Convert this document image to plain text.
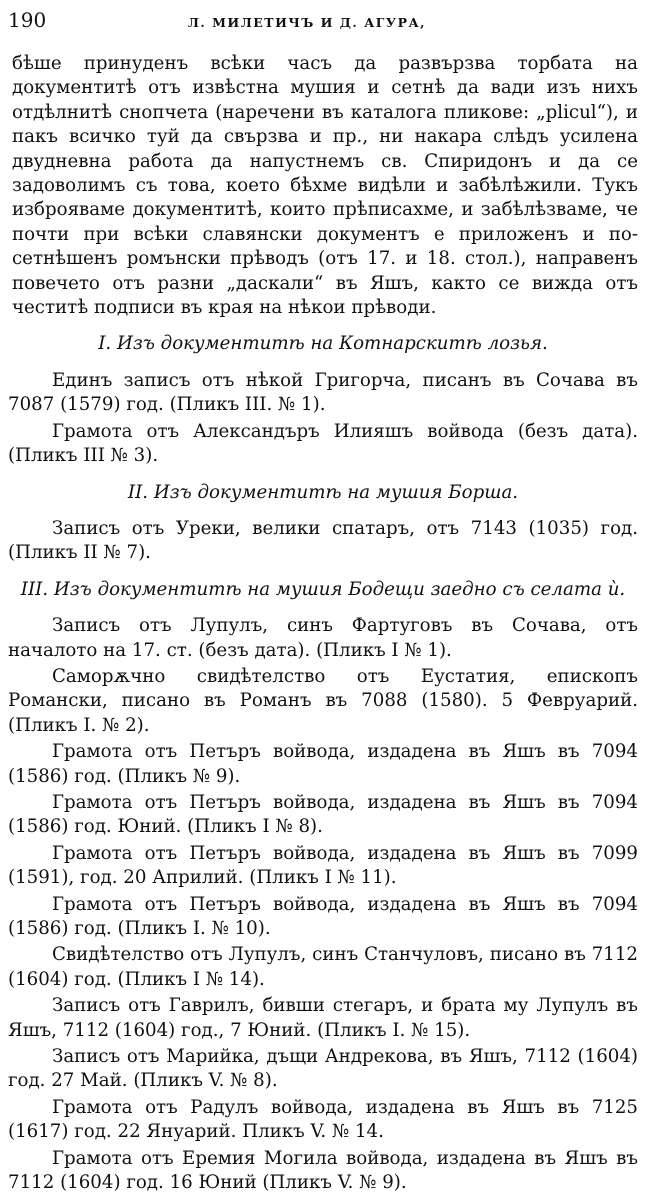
190	Л. МИЛЕТИЧЪ И Д. АГУРА,

бѣше принуденъ всѣки часъ да развързва торбата на документитѣ отъ извѣстна мушия и сетнѣ да вади изъ нихъ отдѣлнитѣ снопчета (наречени въ каталога пликове: „plicul“), и пакъ всичко туй да свързва и пр., ни накара слѣдъ усилена двудневна работа да напустнемъ св. Спиридонъ и да се задоволимъ съ това, което бѣхме видѣли и забѣлѣжили. Тукъ изброяваме документитѣ, които прѣписахме, и забѣлѣзваме, че почти при всѣки славянски документъ е приложенъ и по-сетнѣшенъ ромънски прѣводъ (отъ 17. и 18. стол.), направенъ повечето отъ разни „даскали“ въ Яшъ, както се вижда отъ честитѣ подписи въ края на нѣкои прѣводи.

I. Изъ документитѣ на Котнарскитѣ лозья.

Единъ записъ отъ нѣкой Григорча, писанъ въ Сочава въ 7087 (1579) год. (Пликъ III. № 1).

Грамота отъ Александъръ Илияшъ войвода (безъ дата). (Пликъ III № 3).

II. Изъ документитѣ на мушия Борша.

Записъ отъ Уреки, велики спатаръ, отъ 7143 (1035) год. (Пликъ II № 7).

III. Изъ документитѣ на мушия Бодещи заедно съ селата ѝ.

Записъ отъ Лупулъ, синъ Фартуговъ въ Сочава, отъ началото на 17. ст. (безъ дата). (Пликъ I № 1).

Саморѫчно свидѣтелство отъ Еустатия, епископъ Романски, писано въ Романъ въ 7088 (1580). 5 Февруарий. (Пликъ I. № 2).

Грамота отъ Петъръ войвода, издадена въ Яшъ въ 7094 (1586) год. (Пликъ № 9).

Грамота отъ Петъръ войвода, издадена въ Яшъ въ 7094 (1586) год. Юний. (Пликъ I № 8).

Грамота отъ Петъръ войвода, издадена въ Яшъ въ 7099 (1591), год. 20 Априлий. (Пликъ I № 11).

Грамота отъ Петъръ войвода, издадена въ Яшъ въ 7094 (1586) год. (Пликъ I. № 10).

Свидѣтелство отъ Лупулъ, синъ Станчуловъ, писано въ 7112 (1604) год. (Пликъ I № 14).

Записъ отъ Гаврилъ, бивши стегаръ, и брата му Лупулъ въ Яшъ, 7112 (1604) год., 7 Юний. (Пликъ I. № 15).

Записъ отъ Марийка, дъщи Андрекова, въ Яшъ, 7112 (1604) год. 27 Май. (Пликъ V. № 8).

Грамота отъ Радулъ войвода, издадена въ Яшъ въ 7125 (1617) год. 22 Януарий. Пликъ V. № 14.

Грамота отъ Еремия Могила войвода, издадена въ Яшъ въ 7112 (1604) год. 16 Юний (Пликъ V. № 9).
